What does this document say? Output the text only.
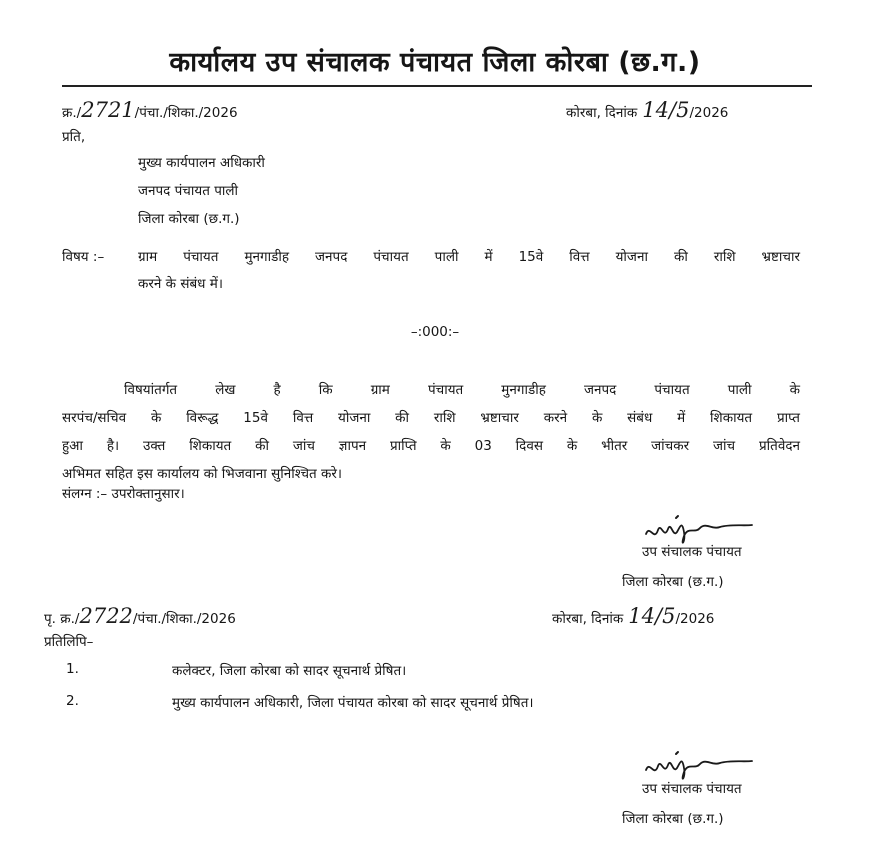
कार्यालय उप संचालक पंचायत जिला कोरबा (छ.ग.)
क्र./2721/पंचा./शिका./2026	कोरबा, दिनांक 14/5/2026
प्रति,
मुख्य कार्यपालन अधिकारी
जनपद पंचायत पाली
जिला कोरबा (छ.ग.)
विषय :–	ग्राम पंचायत मुनगाडीह जनपद पंचायत पाली में 15वे वित्त योजना की राशि भ्रष्टाचार
करने के संबंध में।
–:000:–

विषयांतर्गत लेख है कि ग्राम पंचायत मुनगाडीह जनपद पंचायत पाली के

सरपंच/सचिव के विरूद्ध 15वे वित्त योजना की राशि भ्रष्टाचार करने के संबंध में शिकायत प्राप्त

हुआ है। उक्त शिकायत की जांच ज्ञापन प्राप्ति के 03 दिवस के भीतर जांचकर जांच प्रतिवेदन

अभिमत सहित इस कार्यालय को भिजवाना सुनिश्चित करे।

संलग्न :– उपरोक्तानुसार।
उप संचालक पंचायत
जिला कोरबा (छ.ग.)
पृ. क्र./2722/पंचा./शिका./2026	कोरबा, दिनांक 14/5/2026
प्रतिलिपि–
1.	कलेक्टर, जिला कोरबा को सादर सूचनार्थ प्रेषित।
2.	मुख्य कार्यपालन अधिकारी, जिला पंचायत कोरबा को सादर सूचनार्थ प्रेषित।
उप संचालक पंचायत
जिला कोरबा (छ.ग.)
